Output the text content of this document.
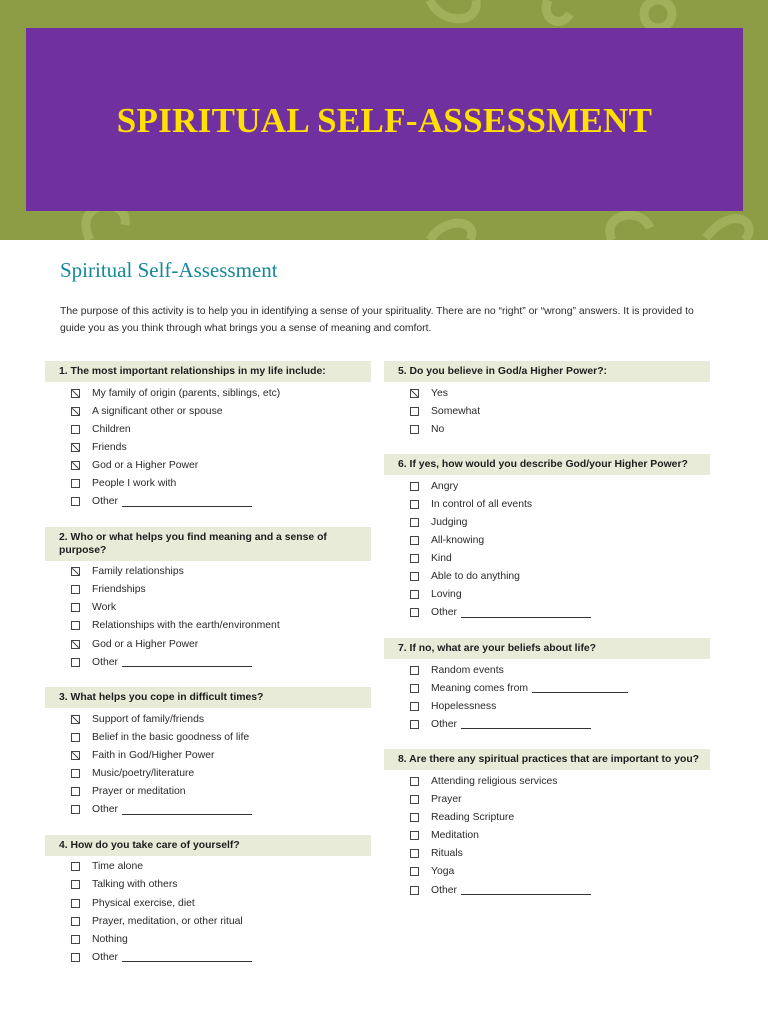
SPIRITUAL SELF-ASSESSMENT
Spiritual Self-Assessment

The purpose of this activity is to help you in identifying a sense of your spirituality. There are no “right” or “wrong” answers. It is provided to guide you as you think through what brings you a sense of meaning and comfort.

1. The most important relationships in my life include:
My family of origin (parents, siblings, etc)
A significant other or spouse
Children
Friends
God or a Higher Power
People I work with
Other
2. Who or what helps you find meaning and a sense of purpose?
Family relationships
Friendships
Work
Relationships with the earth/environment
God or a Higher Power
Other
3. What helps you cope in difficult times?
Support of family/friends
Belief in the basic goodness of life
Faith in God/Higher Power
Music/poetry/literature
Prayer or meditation
Other
4. How do you take care of yourself?
Time alone
Talking with others
Physical exercise, diet
Prayer, meditation, or other ritual
Nothing
Other
5. Do you believe in God/a Higher Power?:
Yes
Somewhat
No
6. If yes, how would you describe God/your Higher Power?
Angry
In control of all events
Judging
All-knowing
Kind
Able to do anything
Loving
Other
7. If no, what are your beliefs about life?
Random events
Meaning comes from
Hopelessness
Other
8. Are there any spiritual practices that are important to you?
Attending religious services
Prayer
Reading Scripture
Meditation
Rituals
Yoga
Other
